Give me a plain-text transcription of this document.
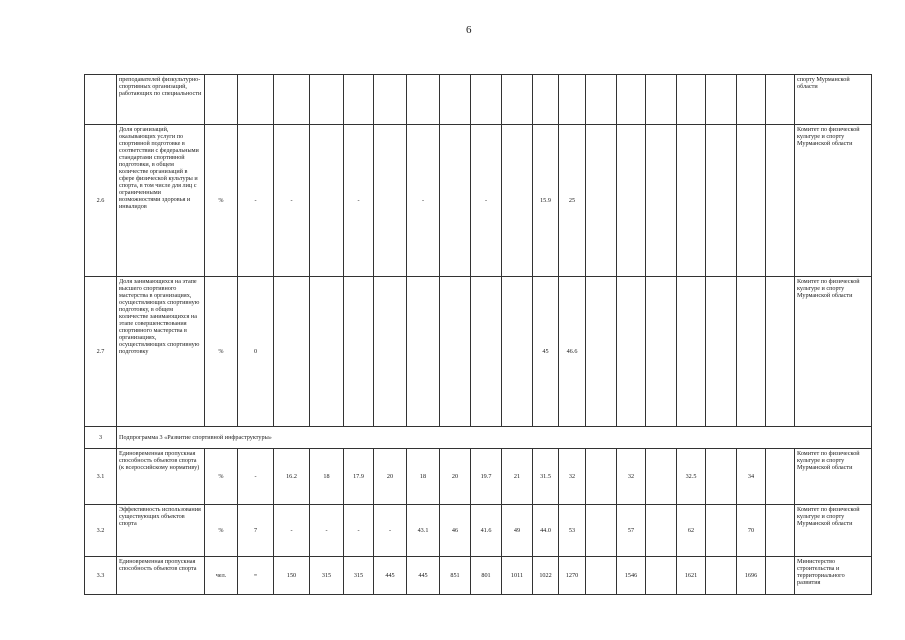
6
	преподавателей физкультурно-спортивных организаций, работающих по специальности																				спорту Мурманской области
2.6	Доля организаций, оказывающих услуги по спортивной подготовке в соответствии с федеральными стандартами спортивной подготовки, в общем количестве организаций в сфере физической культуры и спорта, в том числе для лиц с ограниченными возможностями здоровья и инвалидов	%	-	-		-		-		-		15.9	25								Комитет по физической культуре и спорту Мурманской области
2.7	Доля занимающихся на этапе высшего спортивного мастерства в организациях, осуществляющих спортивную подготовку, в общем количестве занимающихся на этапе совершенствования спортивного мастерства в организациях, осуществляющих спортивную подготовку	%	0									45	46.6								Комитет по физической культуре и спорту Мурманской области
3	Подпрограмма 3 «Развитие спортивной инфраструктуры»																				
3.1	Единовременная пропускная способность объектов спорта (к всероссийскому нормативу)	%	-	16.2	18	17.9	20	18	20	19.7	21	31.5	32		32		32.5		34		Комитет по физической культуре и спорту Мурманской области
3.2	Эффективность использования существующих объектов спорта	%	7	-	-	-	-	43.1	46	41.6	49	44.0	53		57		62		70		Комитет по физической культуре и спорту Мурманской области
3.3	Единовременная пропускная способность объектов спорта	чел.	=	150	315	315	445	445	851	801	1011	1022	1270		1546		1621		1696		Министерство строительства и территориального развития
